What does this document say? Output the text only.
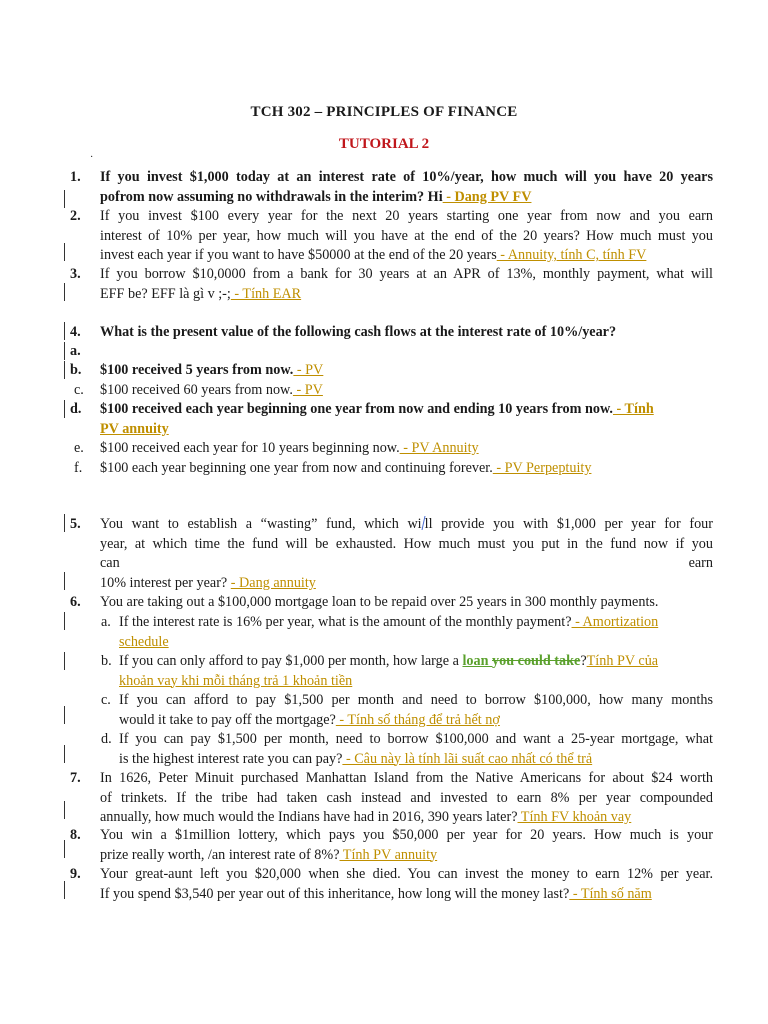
TCH 302 – PRINCIPLES OF FINANCE
TUTORIAL 2
·
1. If you invest $1,000 today at an interest rate of 10%/year, how much will you have 20 years
pofrom now assuming no withdrawals in the interim? Hi - Dang PV FV
2. If you invest $100 every year for the next 20 years starting one year from now and you earn
interest of 10% per year, how much will you have at the end of the 20 years? How much must you
invest each year if you want to have $50000 at the end of the 20 years - Annuity, tính C, tính FV
3. If you borrow $10,0000 from a bank for 30 years at an APR of 13%, monthly payment, what will
EFF be? EFF là gì v ;-; - Tính EAR
4. What is the present value of the following cash flows at the interest rate of 10%/year?
a.
b. $100 received 5 years from now. - PV
c. $100 received 60 years from now. - PV
d. $100 received each year beginning one year from now and ending 10 years from now. - Tính
PV annuity
e. $100 received each year for 10 years beginning now. - PV Annuity
f. $100 each year beginning one year from now and continuing forever. - PV Perpeptuity
5. You want to establish a “wasting” fund, which wi ll provide you with $1,000 per year for four
year, at which time the fund will be exhausted. How much must you put in the fund now if you
can	earn
10% interest per year? - Dang annuity
6. You are taking out a $100,000 mortgage loan to be repaid over 25 years in 300 monthly payments.
a. If the interest rate is 16% per year, what is the amount of the monthly payment? - Amortization
schedule
b. If you can only afford to pay $1,000 per month, how large a loan you could take?Tính PV của
khoản vay khi mỗi tháng trả 1 khoản tiền
c. If you can afford to pay $1,500 per month and need to borrow $100,000, how many months
would it take to pay off the mortgage? - Tính số tháng để trả hết nợ
d. If you can pay $1,500 per month, need to borrow $100,000 and want a 25-year mortgage, what
is the highest interest rate you can pay? - Câu này là tính lãi suất cao nhất có thể trả
7. In 1626, Peter Minuit purchased Manhattan Island from the Native Americans for about $24 worth
of trinkets. If the tribe had taken cash instead and invested to earn 8% per year compounded
annually, how much would the Indians have had in 2016, 390 years later? Tính FV khoản vay
8. You win a $1million lottery, which pays you $50,000 per year for 20 years. How much is your
prize really worth, /an interest rate of 8%? Tính PV annuity
9. Your great-aunt left you $20,000 when she died. You can invest the money to earn 12% per year.
If you spend $3,540 per year out of this inheritance, how long will the money last? - Tính số năm
